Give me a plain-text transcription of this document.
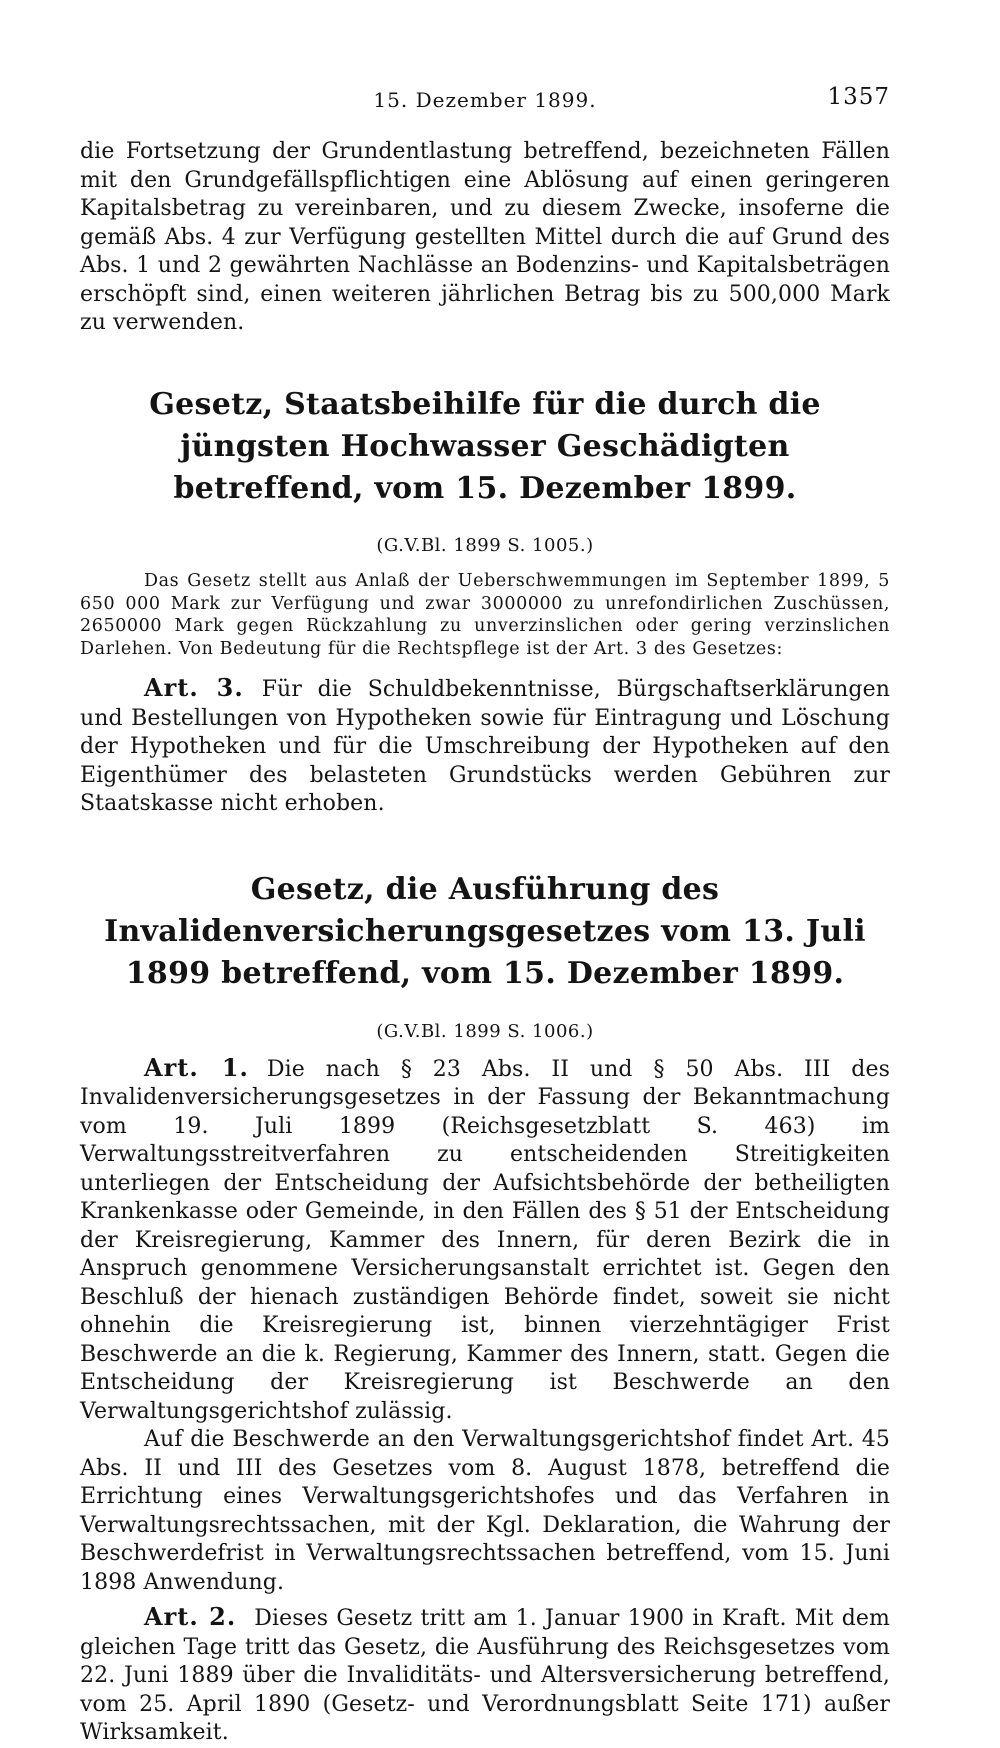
15. Dezember 1899.	1357

die Fortsetzung der Grundentlastung betreffend, bezeichneten Fällen mit den Grundgefällspflichtigen eine Ablösung auf einen geringeren Kapitalsbetrag zu vereinbaren, und zu diesem Zwecke, insoferne die gemäß Abs. 4 zur Verfügung gestellten Mittel durch die auf Grund des Abs. 1 und 2 gewährten Nachlässe an Bodenzins- und Kapitalsbeträgen erschöpft sind, einen weiteren jährlichen Betrag bis zu 500,000 Mark zu verwenden.

Gesetz, Staatsbeihilfe für die durch die jüngsten Hochwasser Geschädigten betreffend, vom 15. Dezember 1899.
(G.V.Bl. 1899 S. 1005.)

Das Gesetz stellt aus Anlaß der Ueberschwemmungen im September 1899, 5 650 000 Mark zur Verfügung und zwar 3000000 zu unrefondirlichen Zuschüssen, 2650000 Mark gegen Rückzahlung zu unverzinslichen oder gering verzinslichen Darlehen. Von Bedeutung für die Rechtspflege ist der Art. 3 des Gesetzes:

Art. 3. Für die Schuldbekenntnisse, Bürgschaftserklärungen und Bestellungen von Hypotheken sowie für Eintragung und Löschung der Hypotheken und für die Umschreibung der Hypotheken auf den Eigenthümer des belasteten Grundstücks werden Gebühren zur Staatskasse nicht erhoben.

Gesetz, die Ausführung des Invalidenversicherungsgesetzes vom 13. Juli 1899 betreffend, vom 15. Dezember 1899.
(G.V.Bl. 1899 S. 1006.)

Art. 1. Die nach § 23 Abs. II und § 50 Abs. III des Invalidenversicherungsgesetzes in der Fassung der Bekanntmachung vom 19. Juli 1899 (Reichsgesetzblatt S. 463) im Verwaltungsstreitverfahren zu entscheidenden Streitigkeiten unterliegen der Entscheidung der Aufsichtsbehörde der betheiligten Krankenkasse oder Gemeinde, in den Fällen des § 51 der Entscheidung der Kreisregierung, Kammer des Innern, für deren Bezirk die in Anspruch genommene Versicherungsanstalt errichtet ist. Gegen den Beschluß der hienach zuständigen Behörde findet, soweit sie nicht ohnehin die Kreisregierung ist, binnen vierzehntägiger Frist Beschwerde an die k. Regierung, Kammer des Innern, statt. Gegen die Entscheidung der Kreisregierung ist Beschwerde an den Verwaltungsgerichtshof zulässig.

Auf die Beschwerde an den Verwaltungsgerichtshof findet Art. 45 Abs. II und III des Gesetzes vom 8. August 1878, betreffend die Errichtung eines Verwaltungsgerichtshofes und das Verfahren in Verwaltungsrechtssachen, mit der Kgl. Deklaration, die Wahrung der Beschwerdefrist in Verwaltungsrechtssachen betreffend, vom 15. Juni 1898 Anwendung.

Art. 2. Dieses Gesetz tritt am 1. Januar 1900 in Kraft. Mit dem gleichen Tage tritt das Gesetz, die Ausführung des Reichsgesetzes vom 22. Juni 1889 über die Invaliditäts- und Altersversicherung betreffend, vom 25. April 1890 (Gesetz- und Verordnungsblatt Seite 171) außer Wirksamkeit.
